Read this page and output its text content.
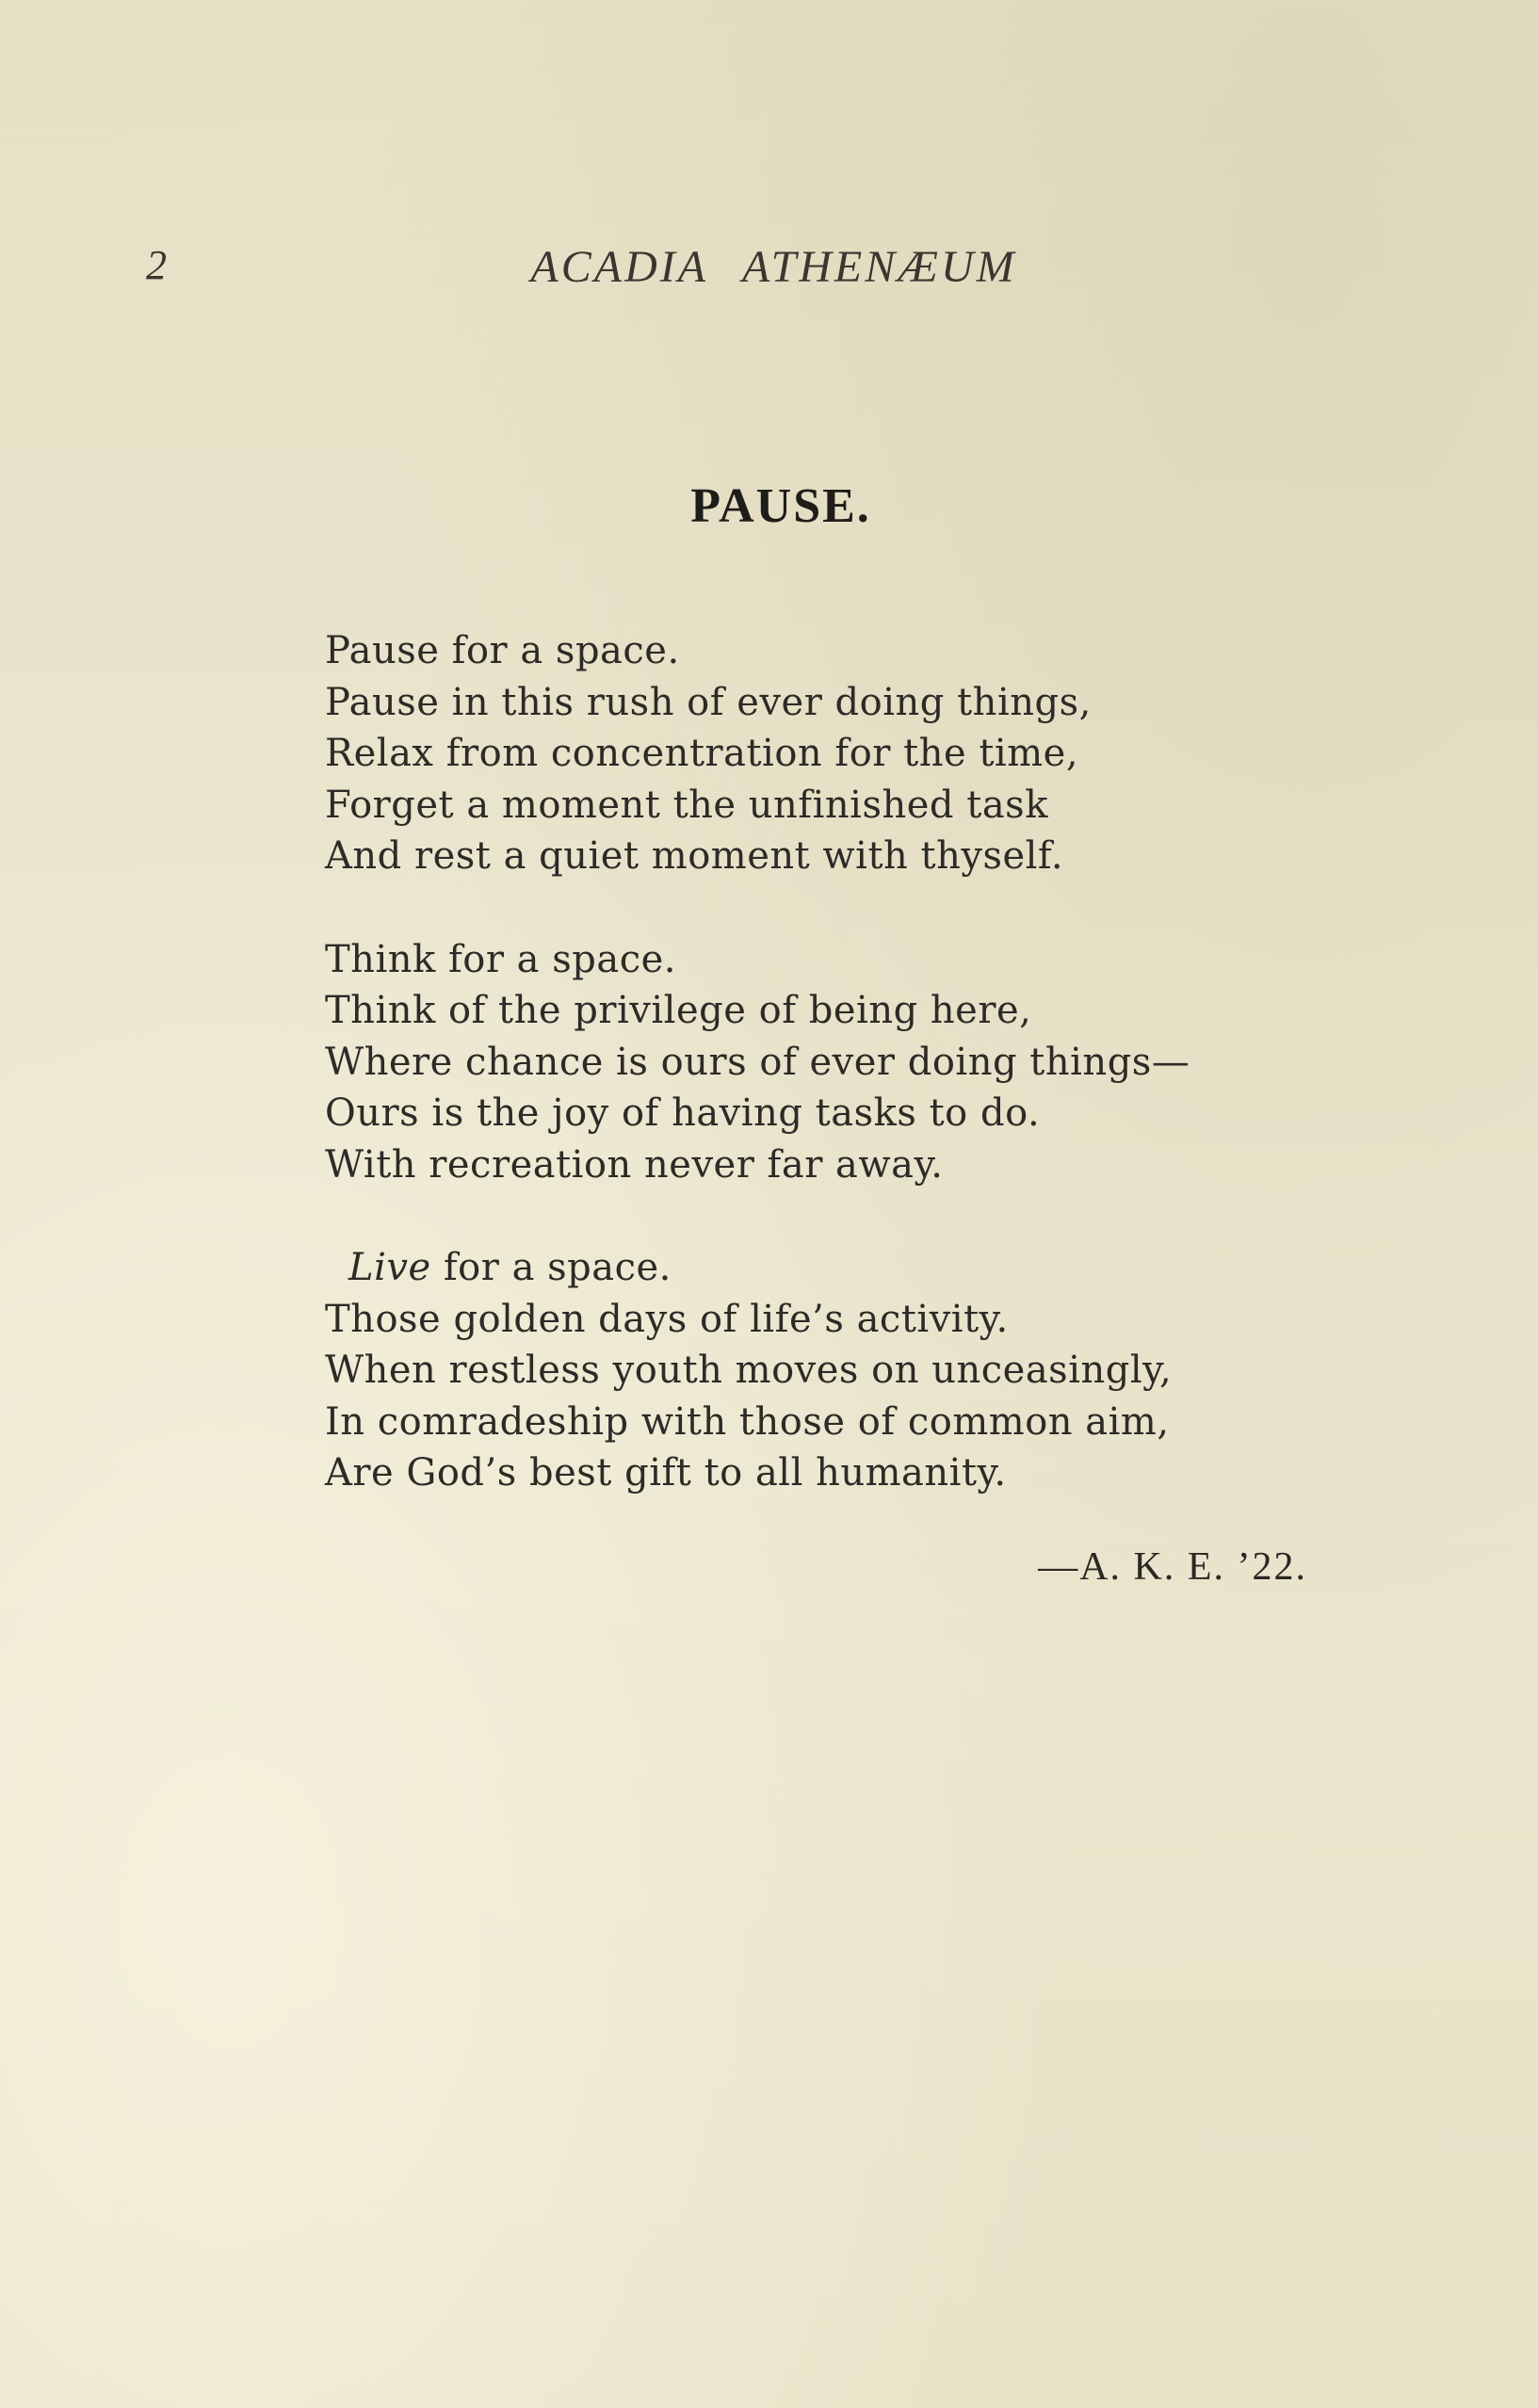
2	ACADIA ATHENÆUM
PAUSE.
Pause for a space.
Pause in this rush of ever doing things,
Relax from concentration for the time,
Forget a moment the unfinished task
And rest a quiet moment with thyself.
Think for a space.
Think of the privilege of being here,
Where chance is ours of ever doing things—
Ours is the joy of having tasks to do.
With recreation never far away.
Live for a space.
Those golden days of life’s activity.
When restless youth moves on unceasingly,
In comradeship with those of common aim,
Are God’s best gift to all humanity.
—A. K. E. ’22.
